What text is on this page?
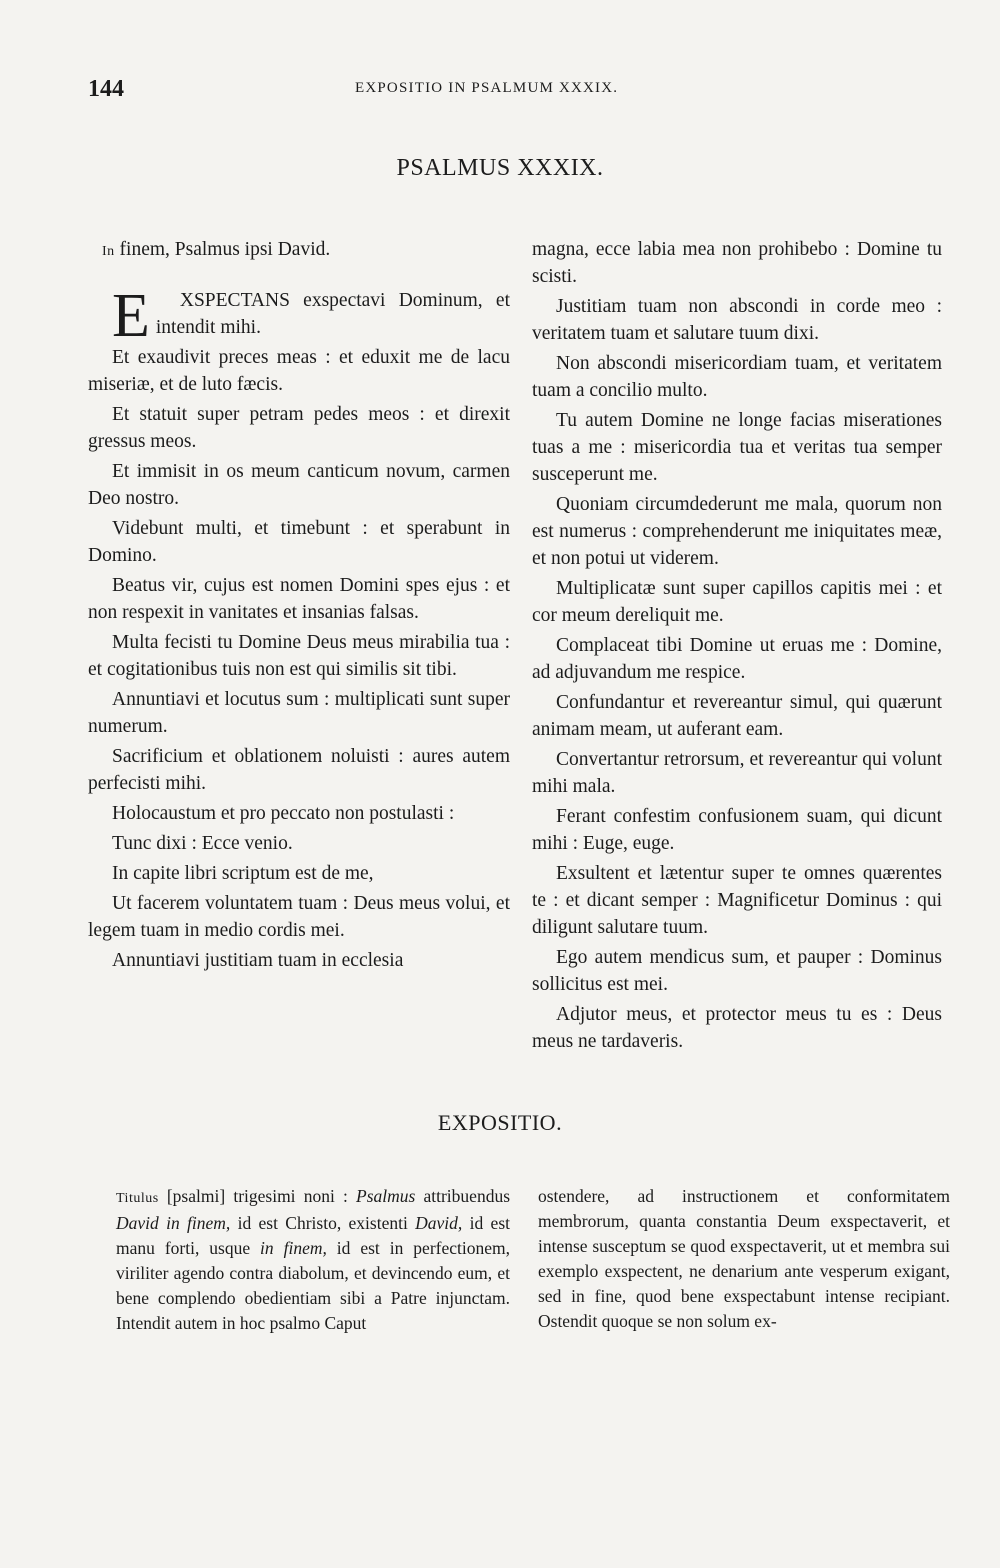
144	EXPOSITIO IN PSALMUM XXXIX.
PSALMUS XXXIX.

In finem, Psalmus ipsi David.

E XSPECTANS exspectavi Dominum, et intendit mihi.

Et exaudivit preces meas : et eduxit me de lacu miseriæ, et de luto fæcis.

Et statuit super petram pedes meos : et direxit gressus meos.

Et immisit in os meum canticum novum, carmen Deo nostro.

Videbunt multi, et timebunt : et sperabunt in Domino.

Beatus vir, cujus est nomen Domini spes ejus : et non respexit in vanitates et insanias falsas.

Multa fecisti tu Domine Deus meus mirabilia tua : et cogitationibus tuis non est qui similis sit tibi.

Annuntiavi et locutus sum : multiplicati sunt super numerum.

Sacrificium et oblationem noluisti : aures autem perfecisti mihi.

Holocaustum et pro peccato non postulasti :

Tunc dixi : Ecce venio.

In capite libri scriptum est de me,

Ut facerem voluntatem tuam : Deus meus volui, et legem tuam in medio cordis mei.

Annuntiavi justitiam tuam in ecclesia

magna, ecce labia mea non prohibebo : Domine tu scisti.

Justitiam tuam non abscondi in corde meo : veritatem tuam et salutare tuum dixi.

Non abscondi misericordiam tuam, et veritatem tuam a concilio multo.

Tu autem Domine ne longe facias miserationes tuas a me : misericordia tua et veritas tua semper susceperunt me.

Quoniam circumdederunt me mala, quorum non est numerus : comprehenderunt me iniquitates meæ, et non potui ut viderem.

Multiplicatæ sunt super capillos capitis mei : et cor meum dereliquit me.

Complaceat tibi Domine ut eruas me : Domine, ad adjuvandum me respice.

Confundantur et revereantur simul, qui quærunt animam meam, ut auferant eam.

Convertantur retrorsum, et revereantur qui volunt mihi mala.

Ferant confestim confusionem suam, qui dicunt mihi : Euge, euge.

Exsultent et lætentur super te omnes quærentes te : et dicant semper : Magnificetur Dominus : qui diligunt salutare tuum.

Ego autem mendicus sum, et pauper : Dominus sollicitus est mei.

Adjutor meus, et protector meus tu es : Deus meus ne tardaveris.

EXPOSITIO.

Titulus [psalmi] trigesimi noni : Psalmus attribuendus David in finem, id est Christo, existenti David, id est manu forti, usque in finem, id est in perfectionem, viriliter agendo contra diabolum, et devincendo eum, et bene complendo obedientiam sibi a Patre injunctam. Intendit autem in hoc psalmo Caput

ostendere, ad instructionem et conformitatem membrorum, quanta constantia Deum exspectaverit, et intense susceptum se quod exspectaverit, ut et membra sui exemplo exspectent, ne denarium ante vesperum exigant, sed in fine, quod bene exspectabunt intense recipiant. Ostendit quoque se non solum ex-
